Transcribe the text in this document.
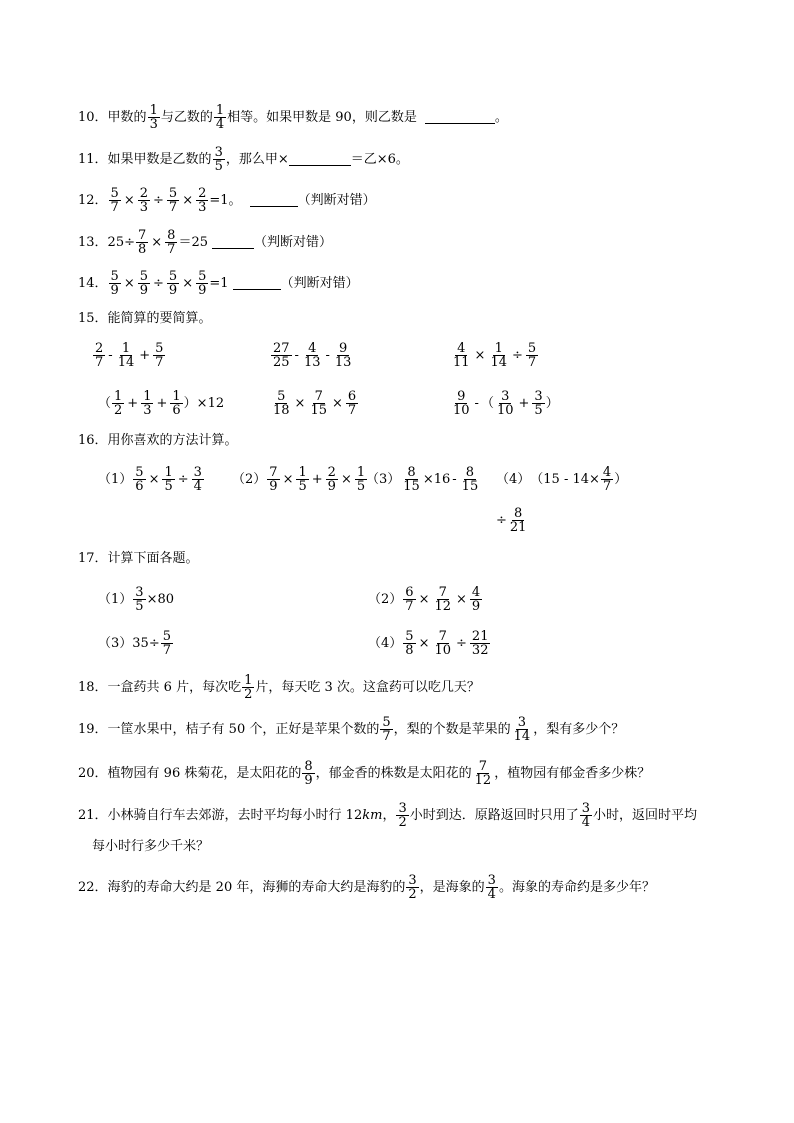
10． 甲数的 $\frac{1}{3}$ 与乙数的 $\frac{1}{4}$ 相等。如果甲数是 90，则乙数是	。
11． 如果甲数是乙数的 $\frac{3}{5}$ ，那么甲×	＝乙×6。
12． $\frac{5}{7} \times \frac{2}{3} \div \frac{5}{7} \times \frac{2}{3} =1$。	（判断对错）
13． $25\div \frac{7}{8} \times \frac{8}{7} =25$	（判断对错）
14． $\frac{5}{9} \times \frac{5}{9} \div \frac{5}{9} \times \frac{5}{9} =1$	（判断对错）
15． 能简算的要简算。
$\frac{2}{7} - \frac{1}{14} + \frac{5}{7}$	$\frac{27}{25} - \frac{4}{13} - \frac{9}{13}$	$\frac{4}{11} \times \frac{1}{14} \div \frac{5}{7}$
（ $\frac{1}{2} + \frac{1}{3} + \frac{1}{6} )\times 12$	$\frac{5}{18} \times \frac{7}{15} \times \frac{6}{7}$	$\frac{9}{10}$ - （ $\frac{3}{10} + \frac{3}{5}$ ）
16． 用你喜欢的方法计算。
$(1) \frac{5}{6} \times \frac{1}{5} \div \frac{3}{4} (2) \frac{7}{9} \times \frac{1}{5} + \frac{2}{9} \times \frac{1}{5}$
$(3) \frac{8}{15} \times 16 - \frac{8}{15} (4)$ （$15 - 14\times \frac{4}{7}$ ）
÷ $\frac{8}{21}$
17． 计算下面各题。
$(1) \frac{3}{5} \times 80$	$(2) \frac{6}{7} \times \frac{7}{12} \times \frac{4}{9}$
（3） $35\div \frac{5}{7}$	$(4) \frac{5}{8} \times \frac{7}{10} \div \frac{21}{32}$
18． 一盒药共 6 片，每次吃 $\frac{1}{2}$ 片，每天吃 3 次。这盒药可以吃几天？
19． 一筐水果中，桔子有 50 个，正好是苹果个数的 $\frac{5}{7}$ ，梨的个数是苹果的 $\frac{3}{14}$ ，梨有多少个？
20． 植物园有 96 株菊花，是太阳花的 $\frac{8}{9}$ ，郁金香的株数是太阳花的 $\frac{7}{12}$ ，植物园有郁金香多少株？
21． 小林骑自行车去郊游，去时平均每小时行 12 km ， $\frac{3}{2}$ 小时到达．原路返回时只用了 $\frac{3}{4}$ 小时，返回时平均
每小时行多少千米？
22． 海豹的寿命大约是 20 年，海狮的寿命大约是海豹的 $\frac{3}{2}$ ，是海象的 $\frac{3}{4}$ 。海象的寿命约是多少年？
